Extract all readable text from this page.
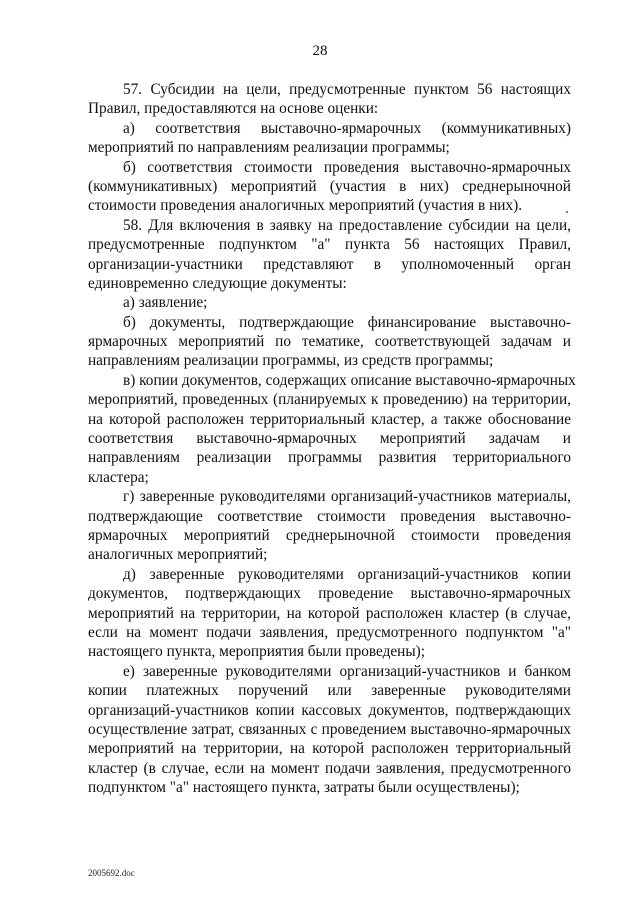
28
57. Субсидии на цели, предусмотренные пунктом 56 настоящих
Правил, предоставляются на основе оценки:
а) соответствия выставочно-ярмарочных (коммуникативных)
мероприятий по направлениям реализации программы;
б) соответствия стоимости проведения выставочно-ярмарочных
(коммуникативных) мероприятий (участия в них) среднерыночной
стоимости проведения аналогичных мероприятий (участия в них).
58. Для включения в заявку на предоставление субсидии на цели,
предусмотренные подпунктом "а" пункта 56 настоящих Правил,
организации-участники представляют в уполномоченный орган
единовременно следующие документы:
а) заявление;
б) документы, подтверждающие финансирование выставочно-
ярмарочных мероприятий по тематике, соответствующей задачам и
направлениям реализации программы, из средств программы;
в) копии документов, содержащих описание выставочно-ярмарочных
мероприятий, проведенных (планируемых к проведению) на территории,
на которой расположен территориальный кластер, а также обоснование
соответствия выставочно-ярмарочных мероприятий задачам и
направлениям реализации программы развития территориального
кластера;
г) заверенные руководителями организаций-участников материалы,
подтверждающие соответствие стоимости проведения выставочно-
ярмарочных мероприятий среднерыночной стоимости проведения
аналогичных мероприятий;
д) заверенные руководителями организаций-участников копии
документов, подтверждающих проведение выставочно-ярмарочных
мероприятий на территории, на которой расположен кластер (в случае,
если на момент подачи заявления, предусмотренного подпунктом "а"
настоящего пункта, мероприятия были проведены);
е) заверенные руководителями организаций-участников и банком
копии платежных поручений или заверенные руководителями
организаций-участников копии кассовых документов, подтверждающих
осуществление затрат, связанных с проведением выставочно-ярмарочных
мероприятий на территории, на которой расположен территориальный
кластер (в случае, если на момент подачи заявления, предусмотренного
подпунктом "а" настоящего пункта, затраты были осуществлены);
2005692.doc
